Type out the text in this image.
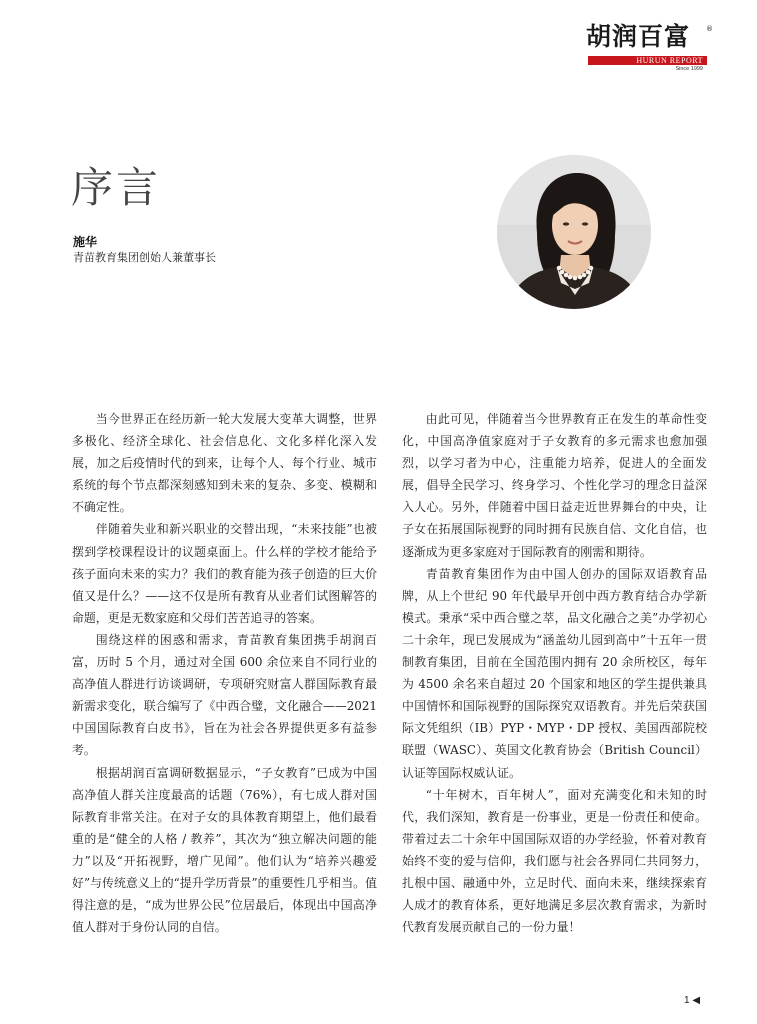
胡润百富 ®
HURUN REPORT
Since 1999
序言
施华
青苗教育集团创始人兼董事长

当今世界正在经历新一轮大发展大变革大调整，世界多极化、经济全球化、社会信息化、文化多样化深入发展，加之后疫情时代的到来，让每个人、每个行业、城市系统的每个节点都深刻感知到未来的复杂、多变、模糊和不确定性。

伴随着失业和新兴职业的交替出现，“未来技能”也被摆到学校课程设计的议题桌面上。什么样的学校才能给予孩子面向未来的实力？我们的教育能为孩子创造的巨大价值又是什么？——这不仅是所有教育从业者们试图解答的命题，更是无数家庭和父母们苦苦追寻的答案。

围绕这样的困惑和需求，青苗教育集团携手胡润百富，历时 5 个月，通过对全国 600 余位来自不同行业的高净值人群进行访谈调研，专项研究财富人群国际教育最新需求变化，联合编写了《中西合璧，文化融合——2021 中国国际教育白皮书》，旨在为社会各界提供更多有益参考。

根据胡润百富调研数据显示，“子女教育”已成为中国高净值人群关注度最高的话题（76%），有七成人群对国际教育非常关注。在对子女的具体教育期望上，他们最看重的是“健全的人格 / 教养”，其次为“独立解决问题的能力”以及“开拓视野，增广见闻”。他们认为“培养兴趣爱好”与传统意义上的“提升学历背景”的重要性几乎相当。值得注意的是，“成为世界公民”位居最后，体现出中国高净值人群对于身份认同的自信。

由此可见，伴随着当今世界教育正在发生的革命性变化，中国高净值家庭对于子女教育的多元需求也愈加强烈，以学习者为中心，注重能力培养，促进人的全面发展，倡导全民学习、终身学习、个性化学习的理念日益深入人心。另外，伴随着中国日益走近世界舞台的中央，让子女在拓展国际视野的同时拥有民族自信、文化自信，也逐渐成为更多家庭对于国际教育的刚需和期待。

青苗教育集团作为由中国人创办的国际双语教育品牌，从上个世纪 90 年代最早开创中西方教育结合办学新模式。秉承“采中西合璧之萃，品文化融合之美”办学初心二十余年，现已发展成为“涵盖幼儿园到高中”十五年一贯制教育集团，目前在全国范围内拥有 20 余所校区，每年为 4500 余名来自超过 20 个国家和地区的学生提供兼具中国情怀和国际视野的国际探究双语教育。并先后荣获国际文凭组织（IB）PYP・MYP・DP 授权、美国西部院校联盟（WASC）、英国文化教育协会（British Council）认证等国际权威认证。

“十年树木，百年树人”，面对充满变化和未知的时代，我们深知，教育是一份事业，更是一份责任和使命。带着过去二十余年中国国际双语的办学经验，怀着对教育始终不变的爱与信仰，我们愿与社会各界同仁共同努力，扎根中国、融通中外，立足时代、面向未来，继续探索育人成才的教育体系，更好地满足多层次教育需求，为新时代教育发展贡献自己的一份力量！

1 ◀
